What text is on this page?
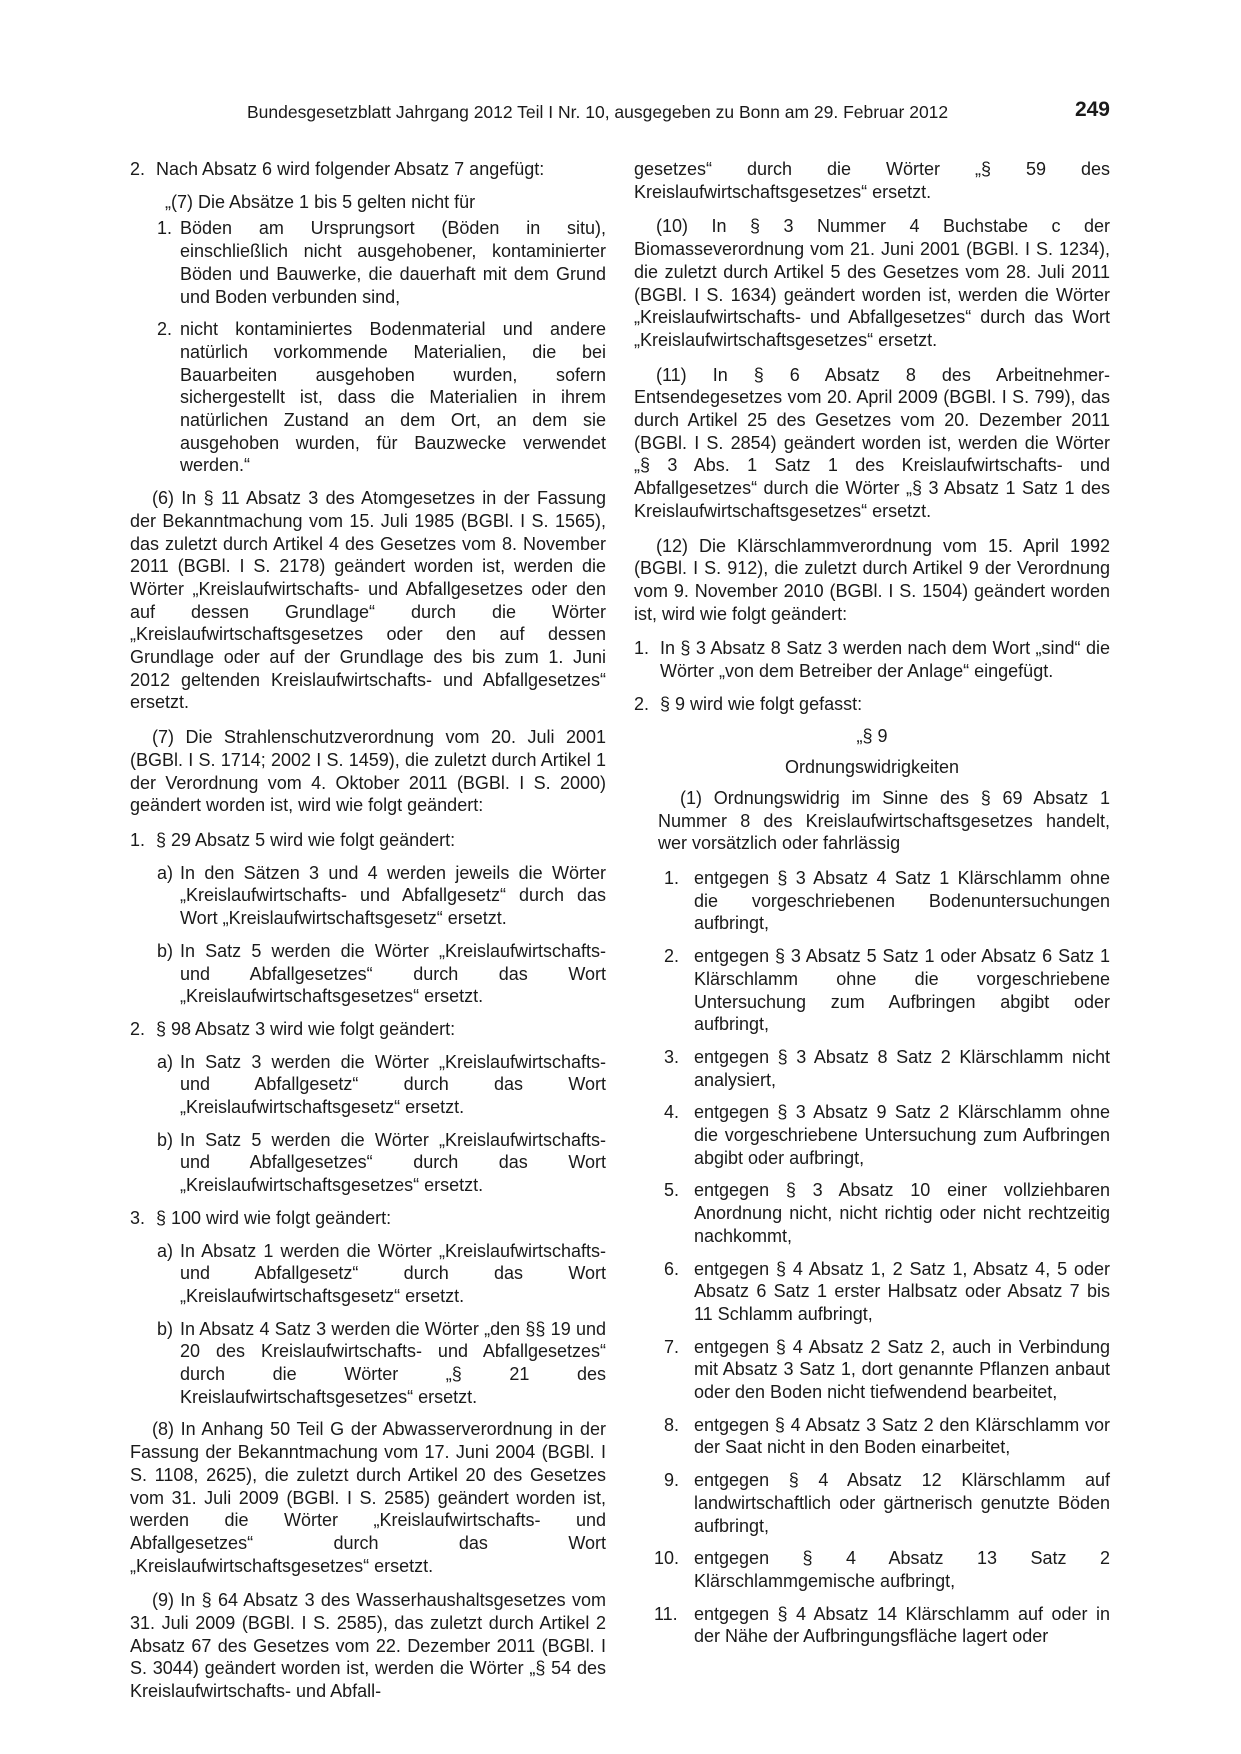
Bundesgesetzblatt Jahrgang 2012 Teil I Nr. 10, ausgegeben zu Bonn am 29. Februar 2012	249
2. Nach Absatz 6 wird folgender Absatz 7 angefügt:

„(7) Die Absätze 1 bis 5 gelten nicht für

1. Böden am Ursprungsort (Böden in situ), einschließlich nicht ausgehobener, kontaminierter Böden und Bauwerke, die dauerhaft mit dem Grund und Boden verbunden sind,
2. nicht kontaminiertes Bodenmaterial und andere natürlich vorkommende Materialien, die bei Bauarbeiten ausgehoben wurden, sofern sichergestellt ist, dass die Materialien in ihrem natürlichen Zustand an dem Ort, an dem sie ausgehoben wurden, für Bauzwecke verwendet werden.“

(6) In § 11 Absatz 3 des Atomgesetzes in der Fassung der Bekanntmachung vom 15. Juli 1985 (BGBl. I S. 1565), das zuletzt durch Artikel 4 des Gesetzes vom 8. November 2011 (BGBl. I S. 2178) geändert worden ist, werden die Wörter „Kreislaufwirtschafts- und Abfallgesetzes oder den auf dessen Grundlage“ durch die Wörter „Kreislaufwirtschaftsgesetzes oder den auf dessen Grundlage oder auf der Grundlage des bis zum 1. Juni 2012 geltenden Kreislaufwirtschafts- und Abfallgesetzes“ ersetzt.

(7) Die Strahlenschutzverordnung vom 20. Juli 2001 (BGBl. I S. 1714; 2002 I S. 1459), die zuletzt durch Artikel 1 der Verordnung vom 4. Oktober 2011 (BGBl. I S. 2000) geändert worden ist, wird wie folgt geändert:

1. § 29 Absatz 5 wird wie folgt geändert:
a) In den Sätzen 3 und 4 werden jeweils die Wörter „Kreislaufwirtschafts- und Abfallgesetz“ durch das Wort „Kreislaufwirtschaftsgesetz“ ersetzt.
b) In Satz 5 werden die Wörter „Kreislaufwirtschafts- und Abfallgesetzes“ durch das Wort „Kreislaufwirtschaftsgesetzes“ ersetzt.
2. § 98 Absatz 3 wird wie folgt geändert:
a) In Satz 3 werden die Wörter „Kreislaufwirtschafts- und Abfallgesetz“ durch das Wort „Kreislaufwirtschaftsgesetz“ ersetzt.
b) In Satz 5 werden die Wörter „Kreislaufwirtschafts- und Abfallgesetzes“ durch das Wort „Kreislaufwirtschaftsgesetzes“ ersetzt.
3. § 100 wird wie folgt geändert:
a) In Absatz 1 werden die Wörter „Kreislaufwirtschafts- und Abfallgesetz“ durch das Wort „Kreislaufwirtschaftsgesetz“ ersetzt.
b) In Absatz 4 Satz 3 werden die Wörter „den §§ 19 und 20 des Kreislaufwirtschafts- und Abfallgesetzes“ durch die Wörter „§ 21 des Kreislaufwirtschaftsgesetzes“ ersetzt.

(8) In Anhang 50 Teil G der Abwasserverordnung in der Fassung der Bekanntmachung vom 17. Juni 2004 (BGBl. I S. 1108, 2625), die zuletzt durch Artikel 20 des Gesetzes vom 31. Juli 2009 (BGBl. I S. 2585) geändert worden ist, werden die Wörter „Kreislaufwirtschafts- und Abfallgesetzes“ durch das Wort „Kreislaufwirtschaftsgesetzes“ ersetzt.

(9) In § 64 Absatz 3 des Wasserhaushaltsgesetzes vom 31. Juli 2009 (BGBl. I S. 2585), das zuletzt durch Artikel 2 Absatz 67 des Gesetzes vom 22. Dezember 2011 (BGBl. I S. 3044) geändert worden ist, werden die Wörter „§ 54 des Kreislaufwirtschafts- und Abfall-

gesetzes“ durch die Wörter „§ 59 des Kreislaufwirtschaftsgesetzes“ ersetzt.

(10) In § 3 Nummer 4 Buchstabe c der Biomasseverordnung vom 21. Juni 2001 (BGBl. I S. 1234), die zuletzt durch Artikel 5 des Gesetzes vom 28. Juli 2011 (BGBl. I S. 1634) geändert worden ist, werden die Wörter „Kreislaufwirtschafts- und Abfallgesetzes“ durch das Wort „Kreislaufwirtschaftsgesetzes“ ersetzt.

(11) In § 6 Absatz 8 des Arbeitnehmer-Entsendegesetzes vom 20. April 2009 (BGBl. I S. 799), das durch Artikel 25 des Gesetzes vom 20. Dezember 2011 (BGBl. I S. 2854) geändert worden ist, werden die Wörter „§ 3 Abs. 1 Satz 1 des Kreislaufwirtschafts- und Abfallgesetzes“ durch die Wörter „§ 3 Absatz 1 Satz 1 des Kreislaufwirtschaftsgesetzes“ ersetzt.

(12) Die Klärschlammverordnung vom 15. April 1992 (BGBl. I S. 912), die zuletzt durch Artikel 9 der Verordnung vom 9. November 2010 (BGBl. I S. 1504) geändert worden ist, wird wie folgt geändert:

1. In § 3 Absatz 8 Satz 3 werden nach dem Wort „sind“ die Wörter „von dem Betreiber der Anlage“ eingefügt.
2. § 9 wird wie folgt gefasst:
„§ 9
Ordnungswidrigkeiten

(1) Ordnungswidrig im Sinne des § 69 Absatz 1 Nummer 8 des Kreislaufwirtschaftsgesetzes handelt, wer vorsätzlich oder fahrlässig

1. entgegen § 3 Absatz 4 Satz 1 Klärschlamm ohne die vorgeschriebenen Bodenuntersuchungen aufbringt,
2. entgegen § 3 Absatz 5 Satz 1 oder Absatz 6 Satz 1 Klärschlamm ohne die vorgeschriebene Untersuchung zum Aufbringen abgibt oder aufbringt,
3. entgegen § 3 Absatz 8 Satz 2 Klärschlamm nicht analysiert,
4. entgegen § 3 Absatz 9 Satz 2 Klärschlamm ohne die vorgeschriebene Untersuchung zum Aufbringen abgibt oder aufbringt,
5. entgegen § 3 Absatz 10 einer vollziehbaren Anordnung nicht, nicht richtig oder nicht rechtzeitig nachkommt,
6. entgegen § 4 Absatz 1, 2 Satz 1, Absatz 4, 5 oder Absatz 6 Satz 1 erster Halbsatz oder Absatz 7 bis 11 Schlamm aufbringt,
7. entgegen § 4 Absatz 2 Satz 2, auch in Verbindung mit Absatz 3 Satz 1, dort genannte Pflanzen anbaut oder den Boden nicht tiefwendend bearbeitet,
8. entgegen § 4 Absatz 3 Satz 2 den Klärschlamm vor der Saat nicht in den Boden einarbeitet,
9. entgegen § 4 Absatz 12 Klärschlamm auf landwirtschaftlich oder gärtnerisch genutzte Böden aufbringt,
10. entgegen § 4 Absatz 13 Satz 2 Klärschlammgemische aufbringt,
11. entgegen § 4 Absatz 14 Klärschlamm auf oder in der Nähe der Aufbringungsfläche lagert oder
